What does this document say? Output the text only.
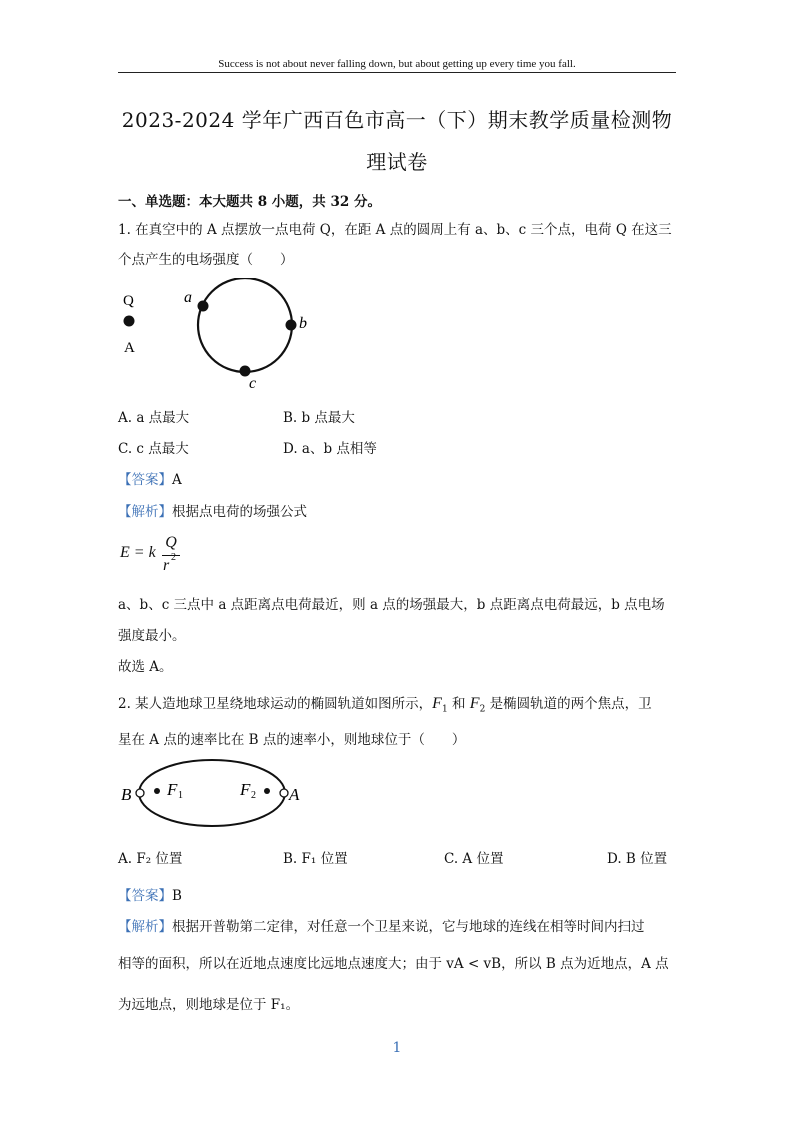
Success is not about never falling down, but about getting up every time you fall.
2023-2024 学年广西百色市高一（下）期末教学质量检测物
理试卷
一、单选题：本大题共 8 小题，共 32 分。
1. 在真空中的 A 点摆放一点电荷 Q，在距 A 点的圆周上有 a、b、c 三个点，电荷 Q 在这三
个点产生的电场强度（　　）
Q
A
a
b
c
A. a 点最大	B. b 点最大
C. c 点最大	D. a、b 点相等
【答案】A
【解析】根据点电荷的场强公式
E = k
Q
r 2
a、b、c 三点中 a 点距离点电荷最近，则 a 点的场强最大，b 点距离点电荷最远，b 点电场
强度最小。
故选 A。
2. 某人造地球卫星绕地球运动的椭圆轨道如图所示，$F_1$ 和 $F_2$ 是椭圆轨道的两个焦点，卫
星在 A 点的速率比在 B 点的速率小，则地球位于（　　）
B	A
F 1	F 2
A. F₂ 位置	B. F₁ 位置	C. A 位置	D. B 位置
【答案】B
【解析】根据开普勒第二定律，对任意一个卫星来说，它与地球的连线在相等时间内扫过
相等的面积，所以在近地点速度比远地点速度大；由于 vA < vB，所以 B 点为近地点，A 点
为远地点，则地球是位于 F₁。
1
